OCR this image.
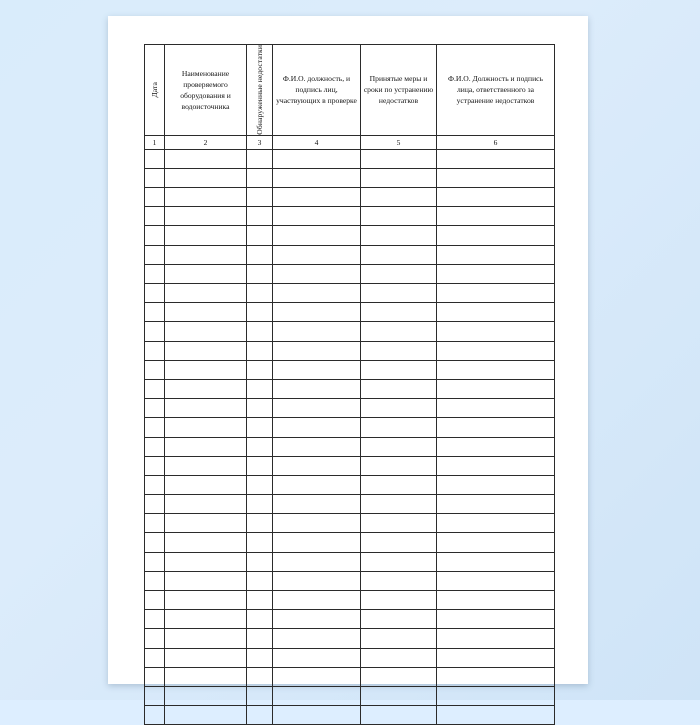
Дата	Наименование проверяемого оборудования и водоисточника	Обнаруженные недостатки	Ф.И.О. должность, и подпись лиц, участвующих в проверке	Принятые меры и сроки по устранению недостатков	Ф.И.О. Должность и подпись лица, ответственного за устранение недостатков

1	2	3	4	5	6
